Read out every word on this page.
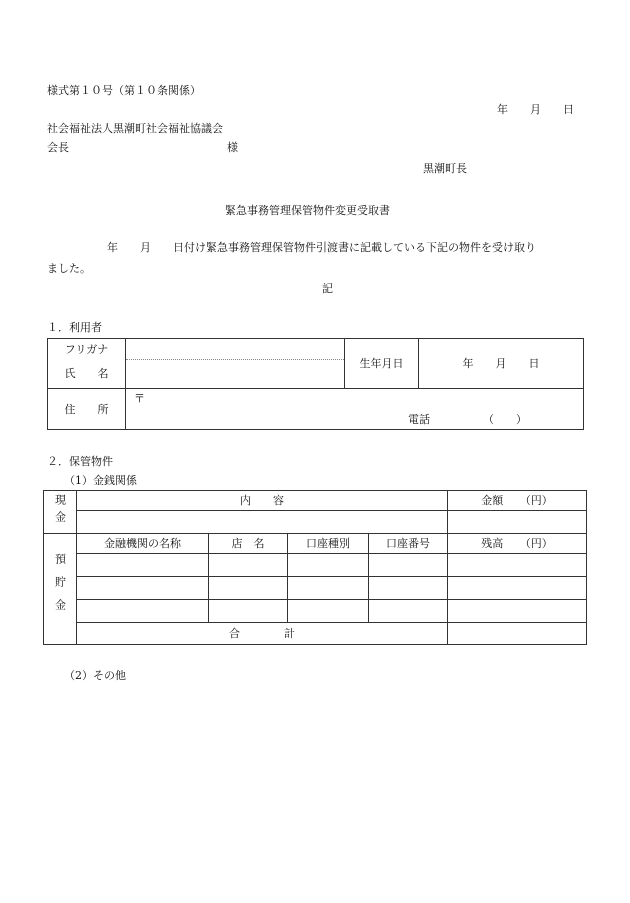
様式第１０号（第１０条関係）
年　　月　　日
社会福祉法人黒潮町社会福祉協議会
会長	様
黒潮町長
緊急事務管理保管物件変更受取書
年　　月　　日付け緊急事務管理保管物件引渡書に記載している下記の物件を受け取り
ました。
記
１．利用者
フリガナ		生年月日	年　　月　　日
氏　　名			
住　　所	〒
電話 （　　）		
２．保管物件
（1）金銭関係
現金	内　　容				金額　　（円）

預貯金	金融機関の名称	店　名	口座種別	口座番号	残高　　（円）

	合　　　　計				
（2）その他
